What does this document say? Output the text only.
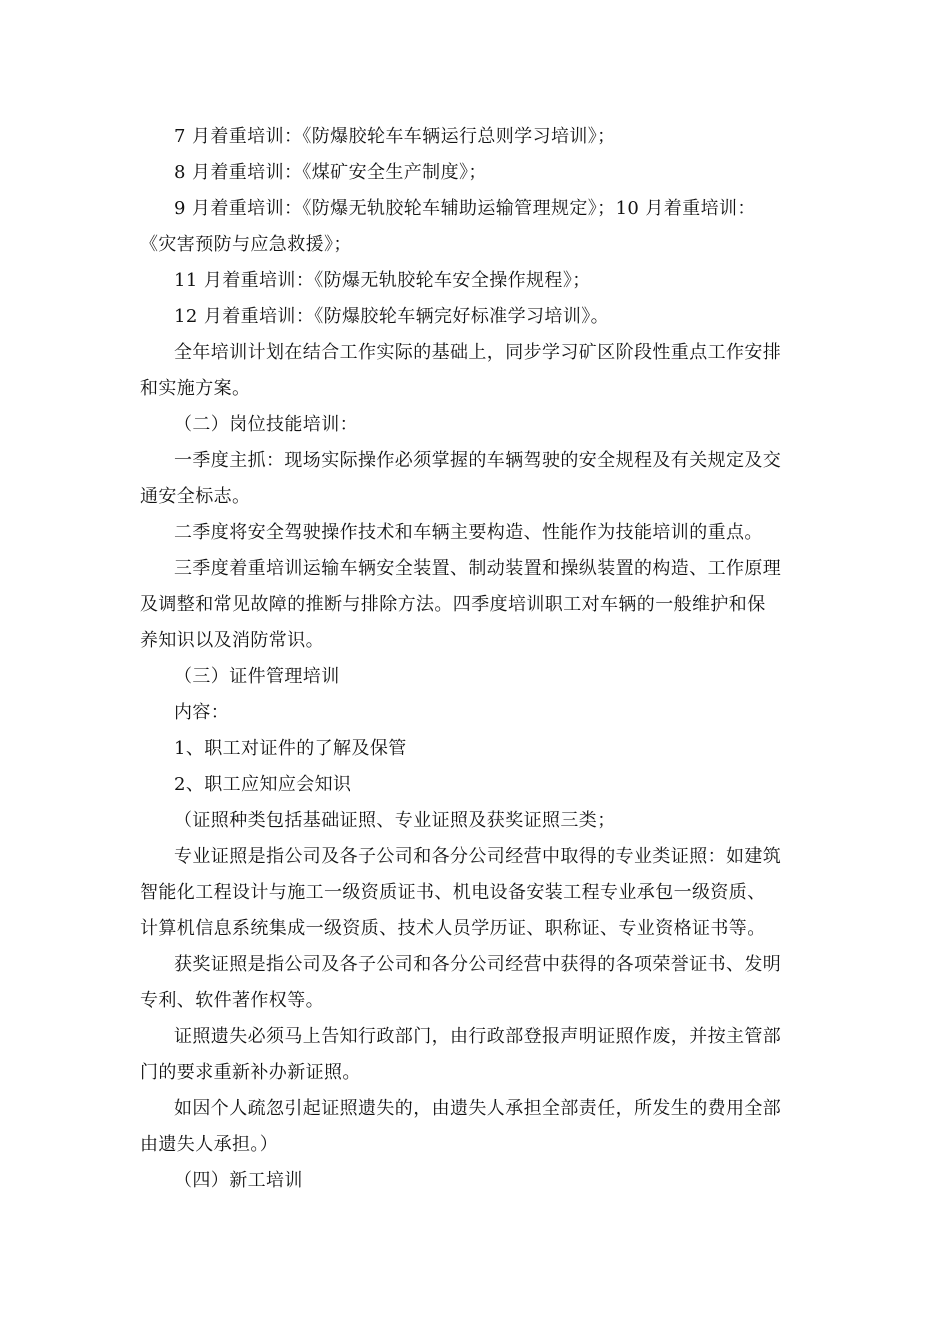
7 月着重培训：《防爆胶轮车车辆运行总则学习培训》；

8 月着重培训：《煤矿安全生产制度》；

9 月着重培训：《防爆无轨胶轮车辅助运输管理规定》；10 月着重培训：
《灾害预防与应急救援》；

11 月着重培训：《防爆无轨胶轮车安全操作规程》；

12 月着重培训：《防爆胶轮车辆完好标准学习培训》。

全年培训计划在结合工作实际的基础上，同步学习矿区阶段性重点工作安排
和实施方案。

（二）岗位技能培训：

一季度主抓：现场实际操作必须掌握的车辆驾驶的安全规程及有关规定及交
通安全标志。

二季度将安全驾驶操作技术和车辆主要构造、性能作为技能培训的重点。

三季度着重培训运输车辆安全装置、制动装置和操纵装置的构造、工作原理
及调整和常见故障的推断与排除方法。四季度培训职工对车辆的一般维护和保
养知识以及消防常识。

（三）证件管理培训

内容：

1、职工对证件的了解及保管

2、职工应知应会知识

（证照种类包括基础证照、专业证照及获奖证照三类；

专业证照是指公司及各子公司和各分公司经营中取得的专业类证照：如建筑
智能化工程设计与施工一级资质证书、机电设备安装工程专业承包一级资质、
计算机信息系统集成一级资质、技术人员学历证、职称证、专业资格证书等。

获奖证照是指公司及各子公司和各分公司经营中获得的各项荣誉证书、发明
专利、软件著作权等。

证照遗失必须马上告知行政部门，由行政部登报声明证照作废，并按主管部
门的要求重新补办新证照。

如因个人疏忽引起证照遗失的，由遗失人承担全部责任，所发生的费用全部
由遗失人承担。）

（四）新工培训
